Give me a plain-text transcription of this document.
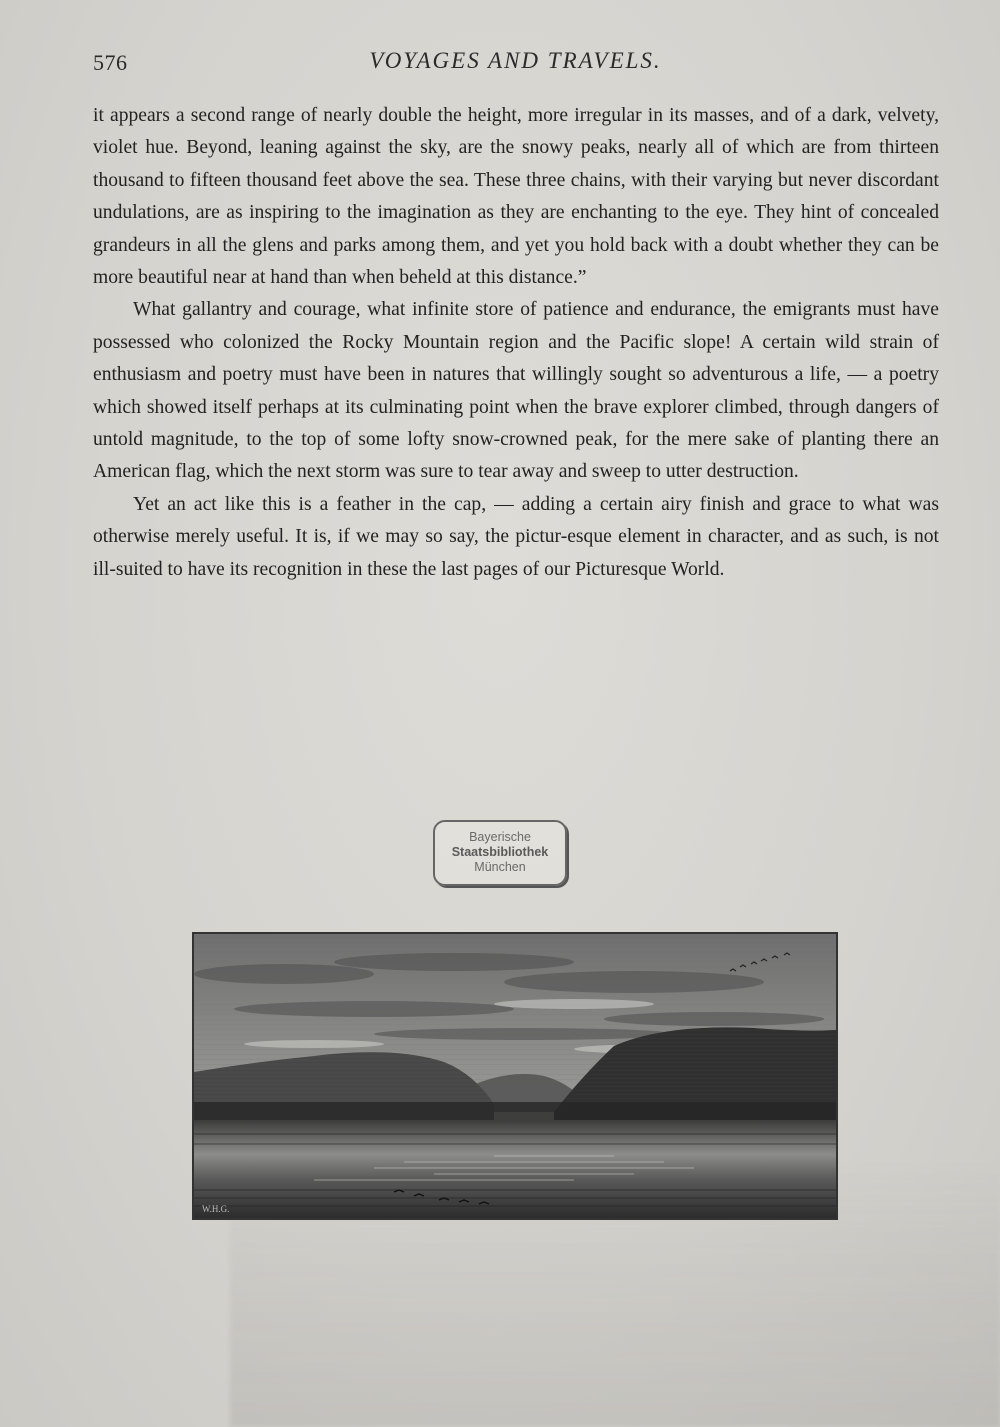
576	VOYAGES AND TRAVELS.

it appears a second range of nearly double the height, more irregular in its masses, and of a dark, velvety, violet hue. Beyond, leaning against the sky, are the snowy peaks, nearly all of which are from thirteen thousand to fifteen thousand feet above the sea. These three chains, with their varying but never discordant undulations, are as inspiring to the imagination as they are enchanting to the eye. They hint of concealed grandeurs in all the glens and parks among them, and yet you hold back with a doubt whether they can be more beautiful near at hand than when beheld at this distance.”

What gallantry and courage, what infinite store of patience and endurance, the emigrants must have possessed who colonized the Rocky Mountain region and the Pacific slope! A certain wild strain of enthusiasm and poetry must have been in natures that willingly sought so adventurous a life, — a poetry which showed itself perhaps at its culminating point when the brave explorer climbed, through dangers of untold magnitude, to the top of some lofty snow-crowned peak, for the mere sake of planting there an American flag, which the next storm was sure to tear away and sweep to utter destruction.

Yet an act like this is a feather in the cap, — adding a certain airy finish and grace to what was otherwise merely useful. It is, if we may so say, the pictur-esque element in character, and as such, is not ill-suited to have its recognition in these the last pages of our Picturesque World.

Bayerische
Staatsbibliothek
München
W.H.G.
